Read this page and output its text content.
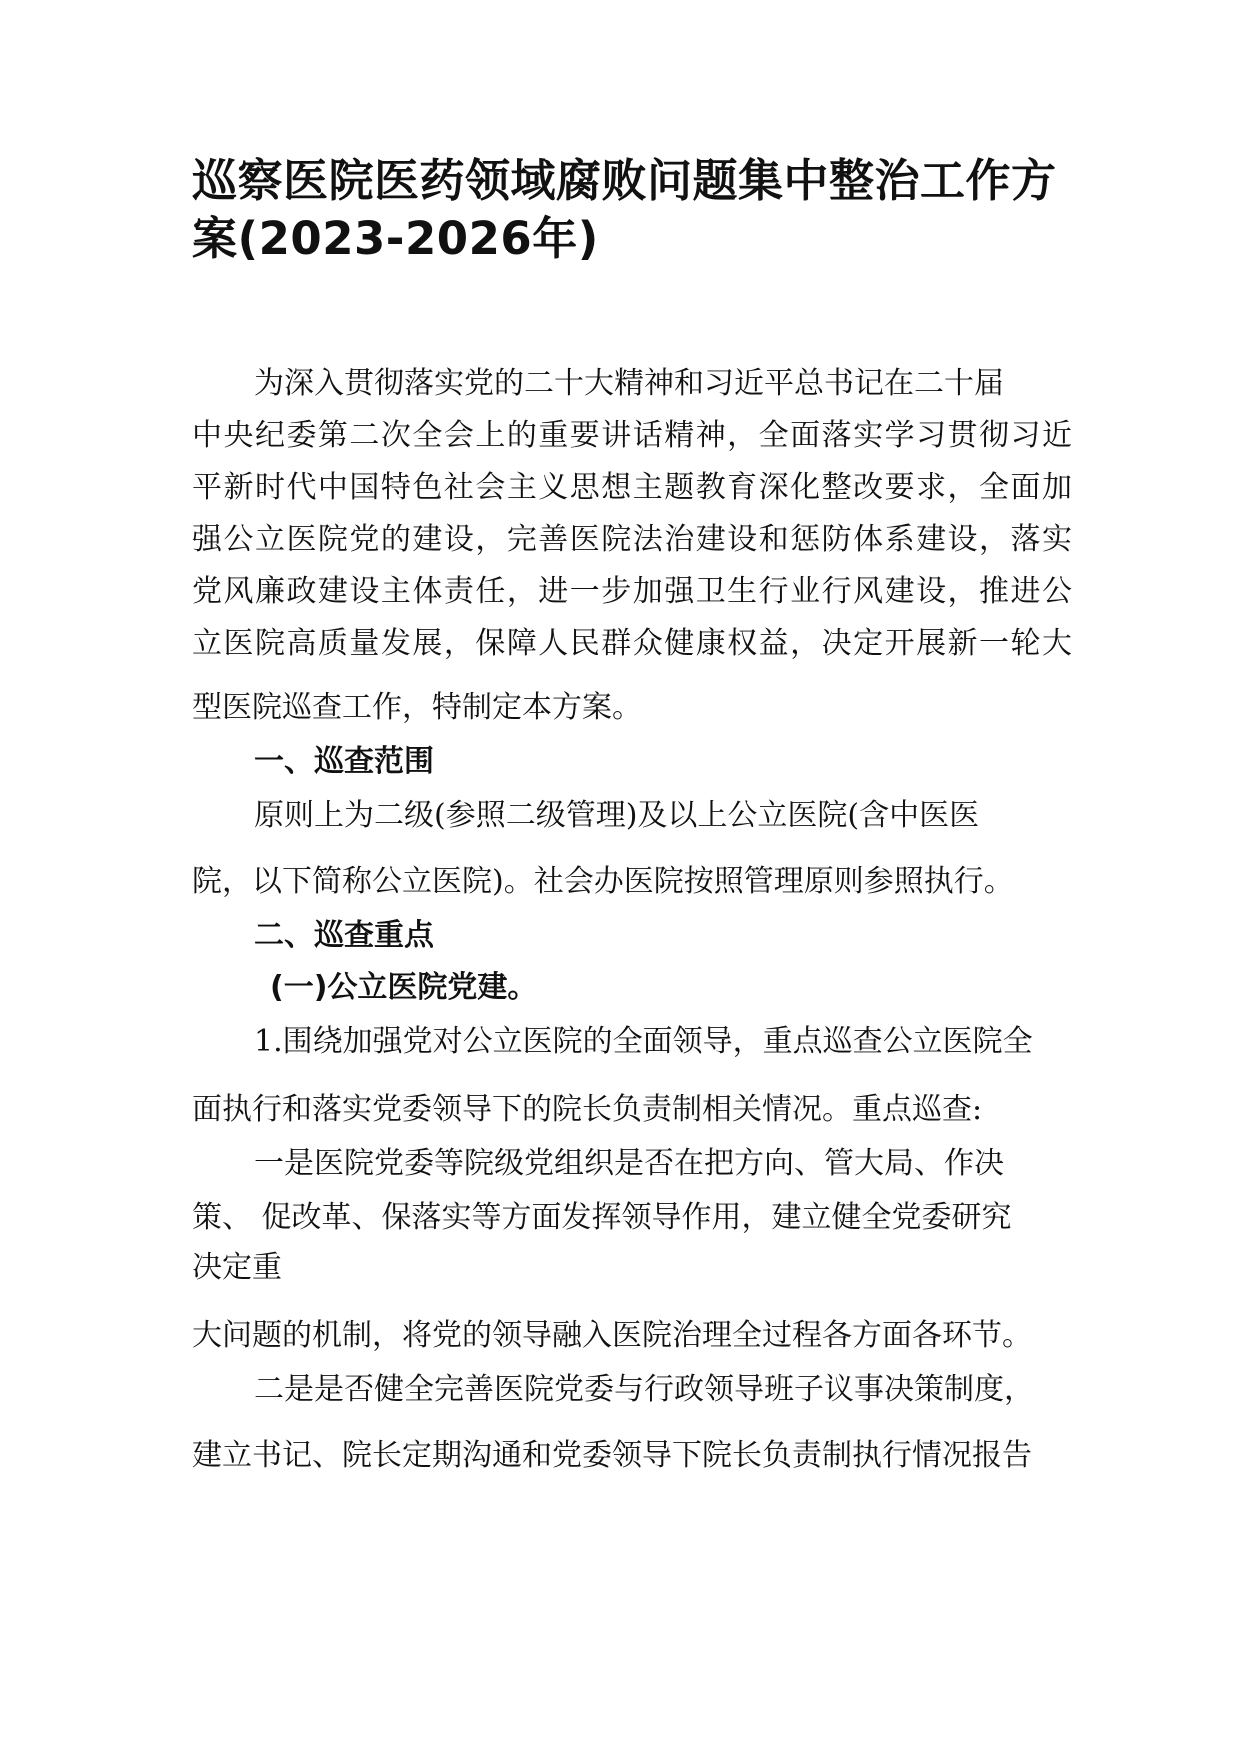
巡察医院医药领域腐败问题集中整治工作方案(2023-2026年)

为深入贯彻落实党的二十大精神和习近平总书记在二十届

中央纪委第二次全会上的重要讲话精神，全面落实学习贯彻习近

平新时代中国特色社会主义思想主题教育深化整改要求，全面加

强公立医院党的建设，完善医院法治建设和惩防体系建设，落实

党风廉政建设主体责任，进一步加强卫生行业行风建设，推进公

立医院高质量发展，保障人民群众健康权益，决定开展新一轮大

型医院巡查工作，特制定本方案。

一、巡查范围

原则上为二级(参照二级管理)及以上公立医院(含中医医

院，以下简称公立医院)。社会办医院按照管理原则参照执行。

二、巡查重点

(一)公立医院党建。

1.围绕加强党对公立医院的全面领导，重点巡查公立医院全

面执行和落实党委领导下的院长负责制相关情况。重点巡查:

一是医院党委等院级党组织是否在把方向、管大局、作决

策、 促改革、保落实等方面发挥领导作用，建立健全党委研究

决定重

大问题的机制，将党的领导融入医院治理全过程各方面各环节。

二是是否健全完善医院党委与行政领导班子议事决策制度，

建立书记、院长定期沟通和党委领导下院长负责制执行情况报告
